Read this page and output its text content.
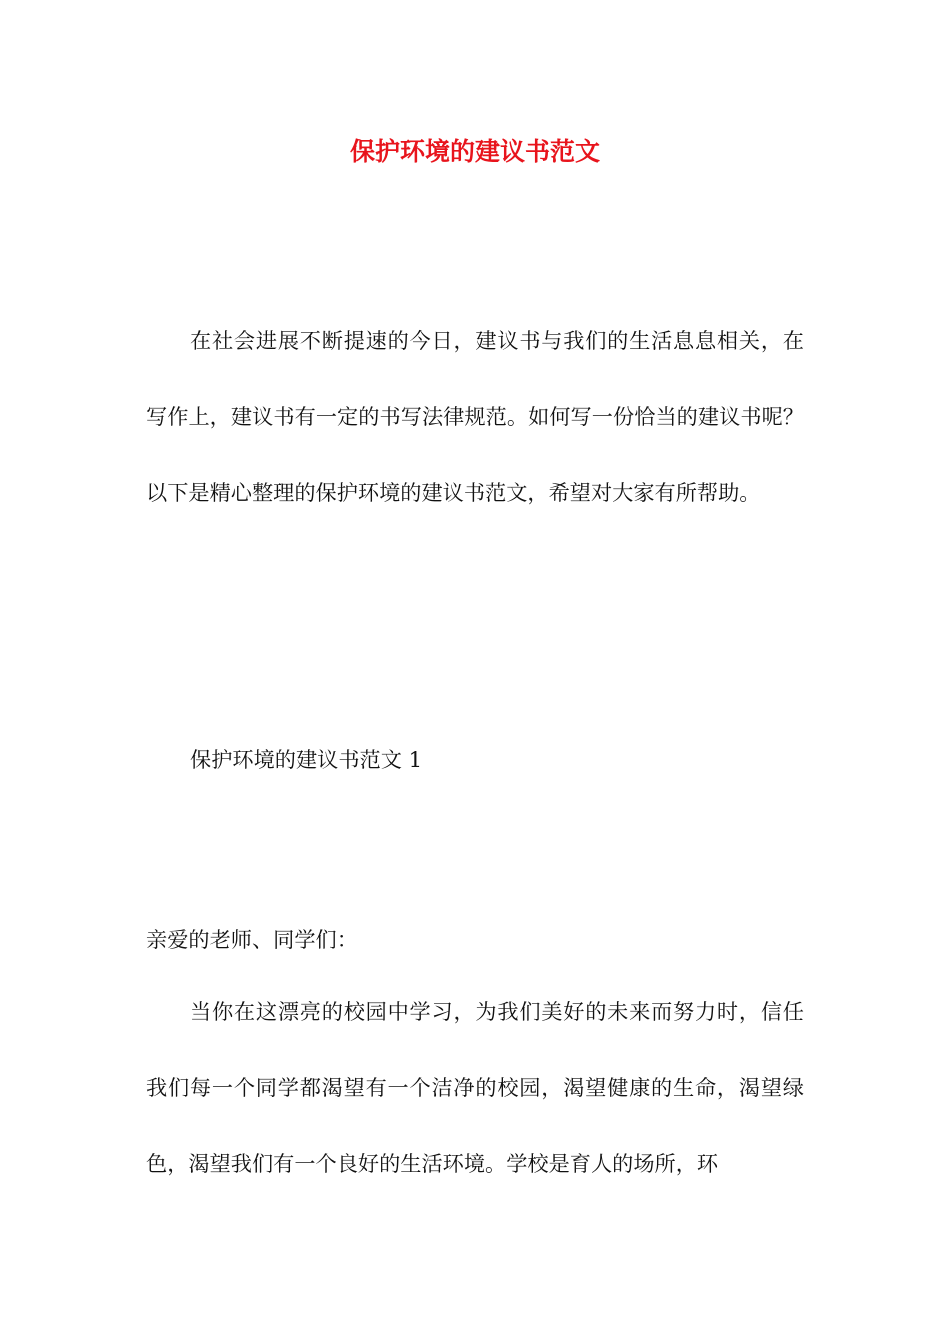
保护环境的建议书范文

在社会进展不断提速的今日，建议书与我们的生活息息相关，在写作上，建议书有一定的书写法律规范。如何写一份恰当的建议书呢？以下是精心整理的保护环境的建议书范文，希望对大家有所帮助。

保护环境的建议书范文 1

亲爱的老师、同学们：

当你在这漂亮的校园中学习，为我们美好的未来而努力时，信任我们每一个同学都渴望有一个洁净的校园，渴望健康的生命，渴望绿色，渴望我们有一个良好的生活环境。学校是育人的场所，环
